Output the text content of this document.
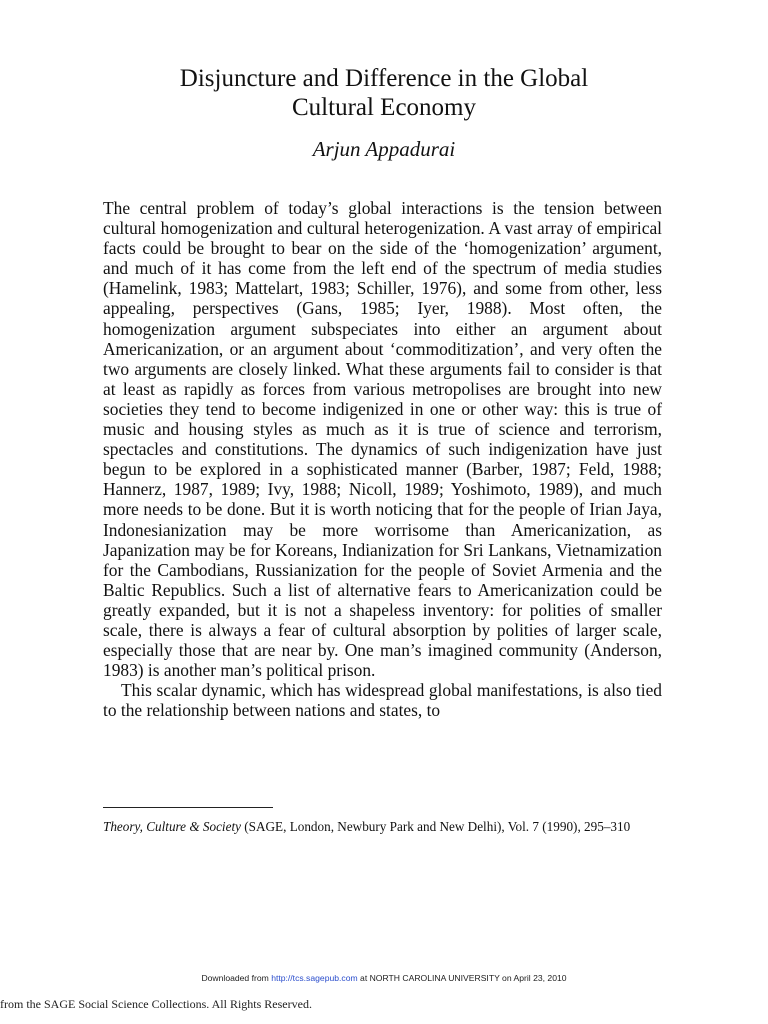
Disjuncture and Difference in the Global
Cultural Economy
Arjun Appadurai

The central problem of today’s global interactions is the tension between cultural homogenization and cultural heterogenization. A vast array of empirical facts could be brought to bear on the side of the ‘homogenization’ argument, and much of it has come from the left end of the spectrum of media studies (Hamelink, 1983; Mattelart, 1983; Schiller, 1976), and some from other, less appealing, perspectives (Gans, 1985; Iyer, 1988). Most often, the homogenization argument subspeciates into either an argument about Americanization, or an argument about ‘commoditization’, and very often the two arguments are closely linked. What these arguments fail to consider is that at least as rapidly as forces from various metropolises are brought into new societies they tend to become indigenized in one or other way: this is true of music and housing styles as much as it is true of science and terrorism, spectacles and constitutions. The dynamics of such indigenization have just begun to be explored in a sophisticated manner (Barber, 1987; Feld, 1988; Hannerz, 1987, 1989; Ivy, 1988; Nicoll, 1989; Yoshimoto, 1989), and much more needs to be done. But it is worth noticing that for the people of Irian Jaya, Indonesianization may be more worrisome than Americanization, as Japanization may be for Koreans, Indianization for Sri Lankans, Vietnamization for the Cambodians, Russianization for the people of Soviet Armenia and the Baltic Republics. Such a list of alternative fears to Americanization could be greatly expanded, but it is not a shapeless inventory: for polities of smaller scale, there is always a fear of cultural absorption by polities of larger scale, especially those that are near by. One man’s imagined community (Anderson, 1983) is another man’s political prison.

This scalar dynamic, which has widespread global manifestations, is also tied to the relationship between nations and states, to

Theory, Culture & Society (SAGE, London, Newbury Park and New Delhi), Vol. 7 (1990), 295–310
Downloaded from http://tcs.sagepub.com at NORTH CAROLINA UNIVERSITY on April 23, 2010
from the SAGE Social Science Collections. All Rights Reserved.
